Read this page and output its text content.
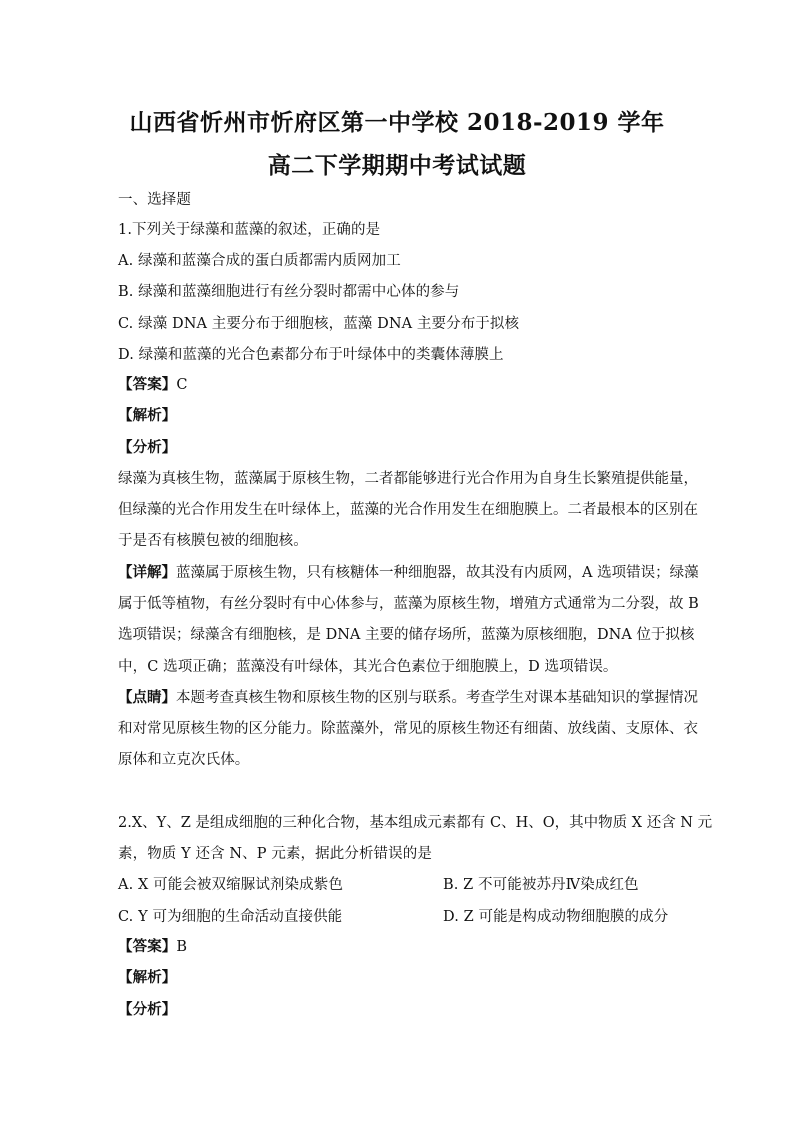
山西省忻州市忻府区第一中学校 2018-2019 学年
高二下学期期中考试试题
一、选择题
1.下列关于绿藻和蓝藻的叙述，正确的是
A. 绿藻和蓝藻合成的蛋白质都需内质网加工
B. 绿藻和蓝藻细胞进行有丝分裂时都需中心体的参与
C. 绿藻 DNA 主要分布于细胞核，蓝藻 DNA 主要分布于拟核
D. 绿藻和蓝藻的光合色素都分布于叶绿体中的类囊体薄膜上
【答案】C
【解析】
【分析】
绿藻为真核生物，蓝藻属于原核生物，二者都能够进行光合作用为自身生长繁殖提供能量，
但绿藻的光合作用发生在叶绿体上，蓝藻的光合作用发生在细胞膜上。二者最根本的区别在
于是否有核膜包被的细胞核。
【详解】蓝藻属于原核生物，只有核糖体一种细胞器，故其没有内质网，A 选项错误；绿藻
属于低等植物，有丝分裂时有中心体参与，蓝藻为原核生物，增殖方式通常为二分裂，故 B
选项错误；绿藻含有细胞核，是 DNA 主要的储存场所，蓝藻为原核细胞，DNA 位于拟核
中，C 选项正确；蓝藻没有叶绿体，其光合色素位于细胞膜上，D 选项错误。
【点睛】本题考查真核生物和原核生物的区别与联系。考查学生对课本基础知识的掌握情况
和对常见原核生物的区分能力。除蓝藻外，常见的原核生物还有细菌、放线菌、支原体、衣
原体和立克次氏体。
2.X、Y、Z 是组成细胞的三种化合物，基本组成元素都有 C、H、O，其中物质 X 还含 N 元
素，物质 Y 还含 N、P 元素，据此分析错误的是
A. X 可能会被双缩脲试剂染成紫色	B. Z 不可能被苏丹Ⅳ染成红色
C. Y 可为细胞的生命活动直接供能	D. Z 可能是构成动物细胞膜的成分
【答案】B
【解析】
【分析】
